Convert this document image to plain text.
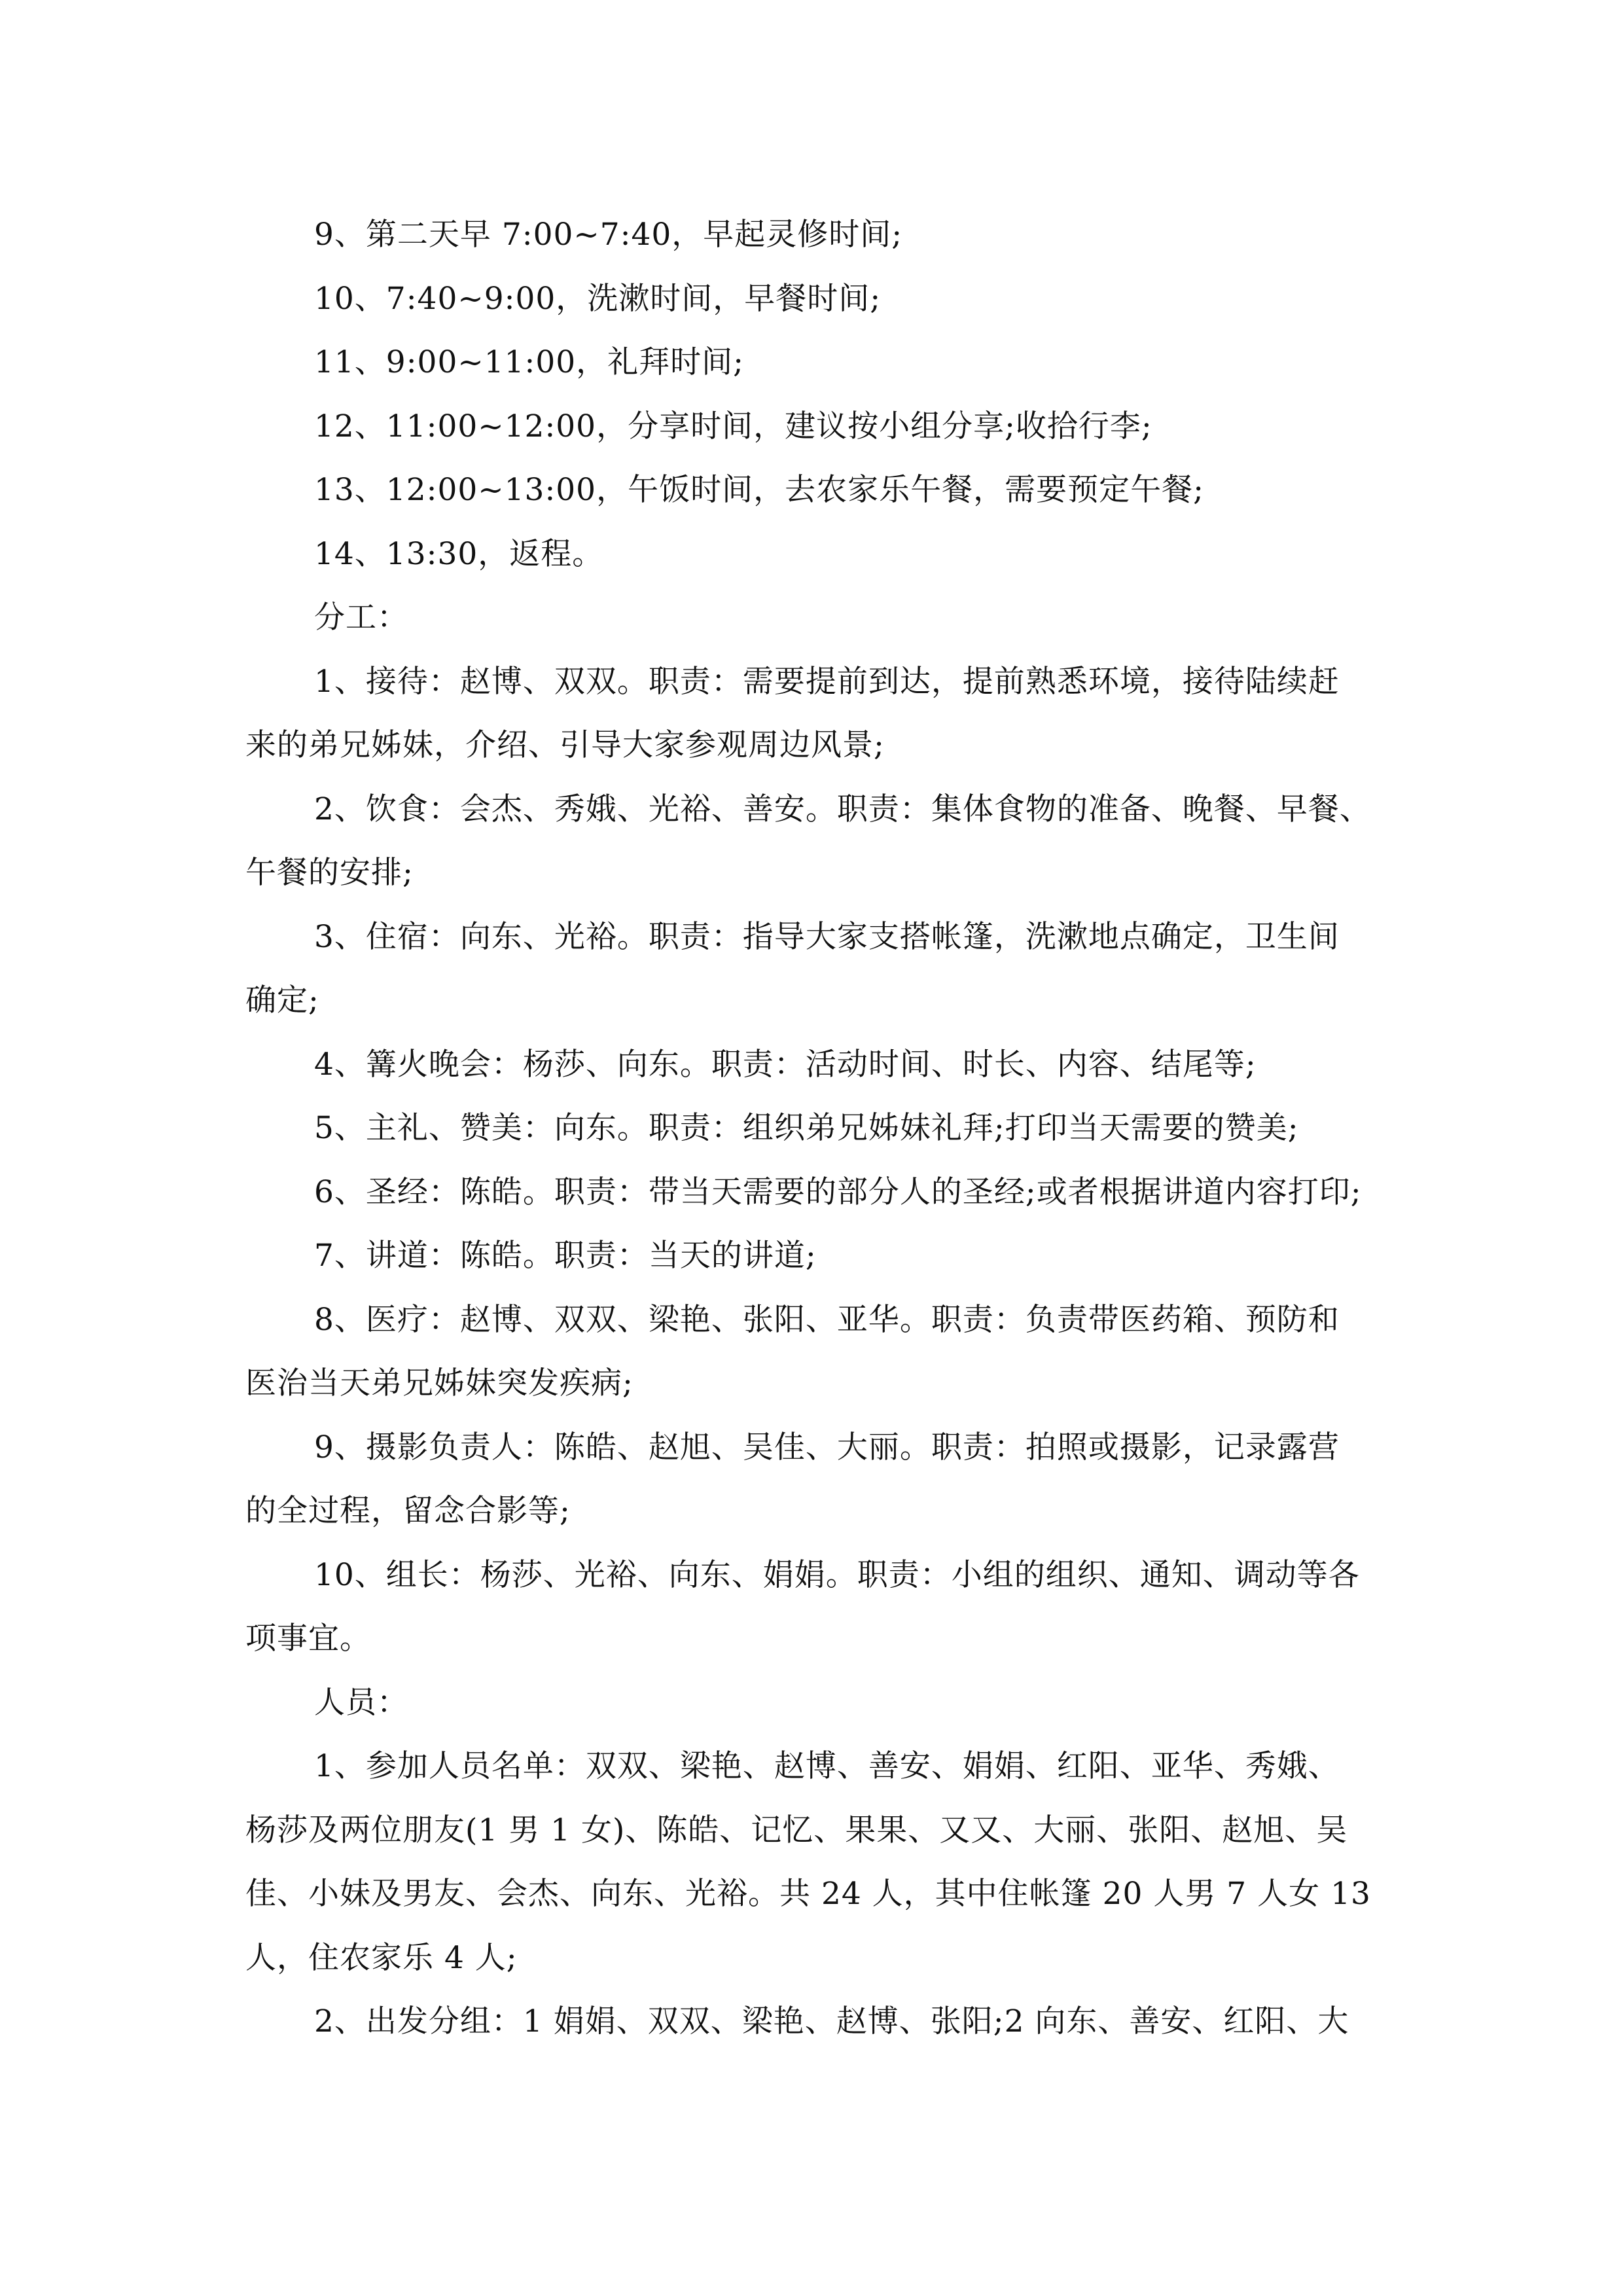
9、第二天早 7:00~7:40，早起灵修时间;

10、7:40~9:00，洗漱时间，早餐时间;

11、9:00~11:00，礼拜时间;

12、11:00~12:00，分享时间，建议按小组分享;收拾行李;

13、12:00~13:00，午饭时间，去农家乐午餐，需要预定午餐;

14、13:30，返程。

分工：

1、接待：赵博、双双。职责：需要提前到达，提前熟悉环境，接待陆续赶

来的弟兄姊妹，介绍、引导大家参观周边风景;

2、饮食：会杰、秀娥、光裕、善安。职责：集体食物的准备、晚餐、早餐、

午餐的安排;

3、住宿：向东、光裕。职责：指导大家支搭帐篷，洗漱地点确定，卫生间

确定;

4、篝火晚会：杨莎、向东。职责：活动时间、时长、内容、结尾等;

5、主礼、赞美：向东。职责：组织弟兄姊妹礼拜;打印当天需要的赞美;

6、圣经：陈皓。职责：带当天需要的部分人的圣经;或者根据讲道内容打印;

7、讲道：陈皓。职责：当天的讲道;

8、医疗：赵博、双双、梁艳、张阳、亚华。职责：负责带医药箱、预防和

医治当天弟兄姊妹突发疾病;

9、摄影负责人：陈皓、赵旭、吴佳、大丽。职责：拍照或摄影，记录露营

的全过程，留念合影等;

10、组长：杨莎、光裕、向东、娟娟。职责：小组的组织、通知、调动等各

项事宜。

人员：

1、参加人员名单：双双、梁艳、赵博、善安、娟娟、红阳、亚华、秀娥、

杨莎及两位朋友(1 男 1 女)、陈皓、记忆、果果、又又、大丽、张阳、赵旭、吴

佳、小妹及男友、会杰、向东、光裕。共 24 人，其中住帐篷 20 人男 7 人女 13

人，住农家乐 4 人;

2、出发分组：1 娟娟、双双、梁艳、赵博、张阳;2 向东、善安、红阳、大
